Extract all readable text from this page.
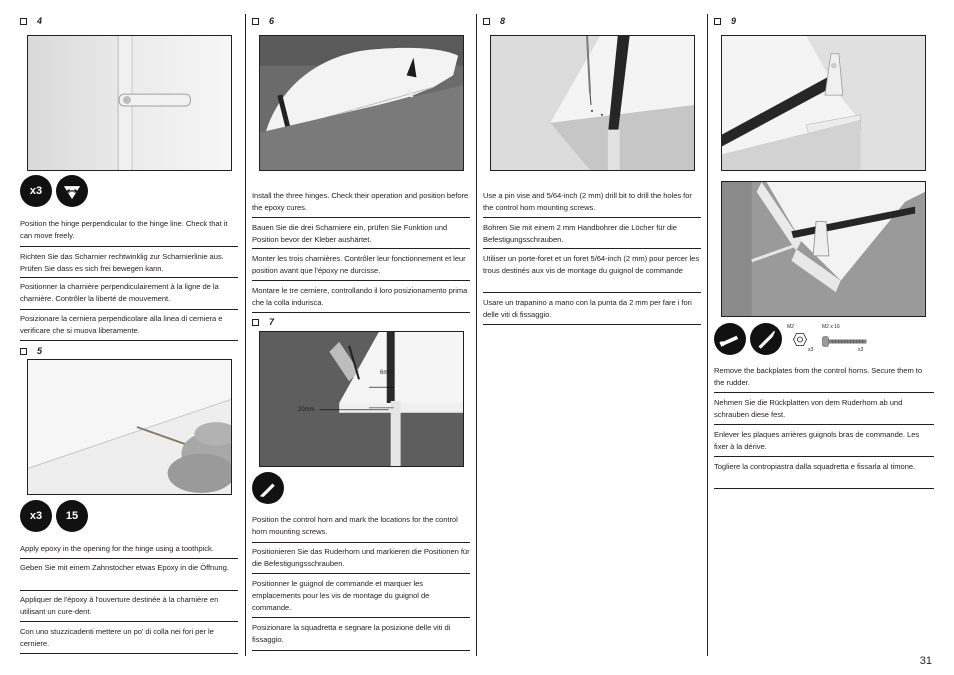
4
x3
Position the hinge perpendicular to the hinge line. Check that it can move freely.
Richten Sie das Scharnier rechtwinklig zur Scharnierlinie aus. Prüfen Sie dass es sich frei bewegen kann.
Positionner la charnière perpendiculairement à la ligne de la charnière. Contrôler la liberté de mouvement.
Posizionare la cerniera perpendicolare alla linea di cerniera e verificare che si muova liberamente.
5
x3 15
Apply epoxy in the opening for the hinge using a toothpick.
Geben Sie mit einem Zahnstocher etwas Epoxy in die Öffnung.
Appliquer de l'époxy à l'ouverture destinée à la charnière en utilisant un cure-dent.
Con uno stuzzicadenti mettere un po' di colla nei fori per le cerniere.
6
Install the three hinges. Check their operation and position before the epoxy cures.
Bauen Sie die drei Scharniere ein, prüfen Sie Funktion und Position bevor der Kleber aushärtet.
Monter les trois charnières. Contrôler leur fonctionnement et leur position avant que l'époxy ne durcisse.
Montare le tre cerniere, controllando il loro posizionamento prima che la colla indurisca.
7
6mm
20mm
Position the control horn and mark the locations for the control horn mounting screws.
Positionieren Sie das Ruderhorn und markieren die Positionen für die Befestigungsschrauben.
Positionner le guignol de commande et marquer les emplacements pour les vis de montage du guignol de commande.
Posizionare la squadretta e segnare la posizione delle viti di fissaggio.
8
Use a pin vise and 5/64-inch (2 mm) drill bit to drill the holes for the control horn mounting screws.
Bohren Sie mit einem 2 mm Handbohrer die Löcher für die Befestigungsschrauben.
Utiliser un porte-foret et un foret 5/64-inch (2 mm) pour percer les trous destinés aux vis de montage du guignol de commande
Usare un trapanino a mano con la punta da 2 mm per fare i fori delle viti di fissaggio.
9
M2
x3
M2 x 16
x3
Remove the backplates from the control horns. Secure them to the rudder.
Nehmen Sie die Rückplatten von dem Ruderhorn ab und schrauben diese fest.
Enlever les plaques arrières guignols bras de commande. Les fixer à la dérive.
Togliere la contropiastra dalla squadretta e fissarla al timone.
31
